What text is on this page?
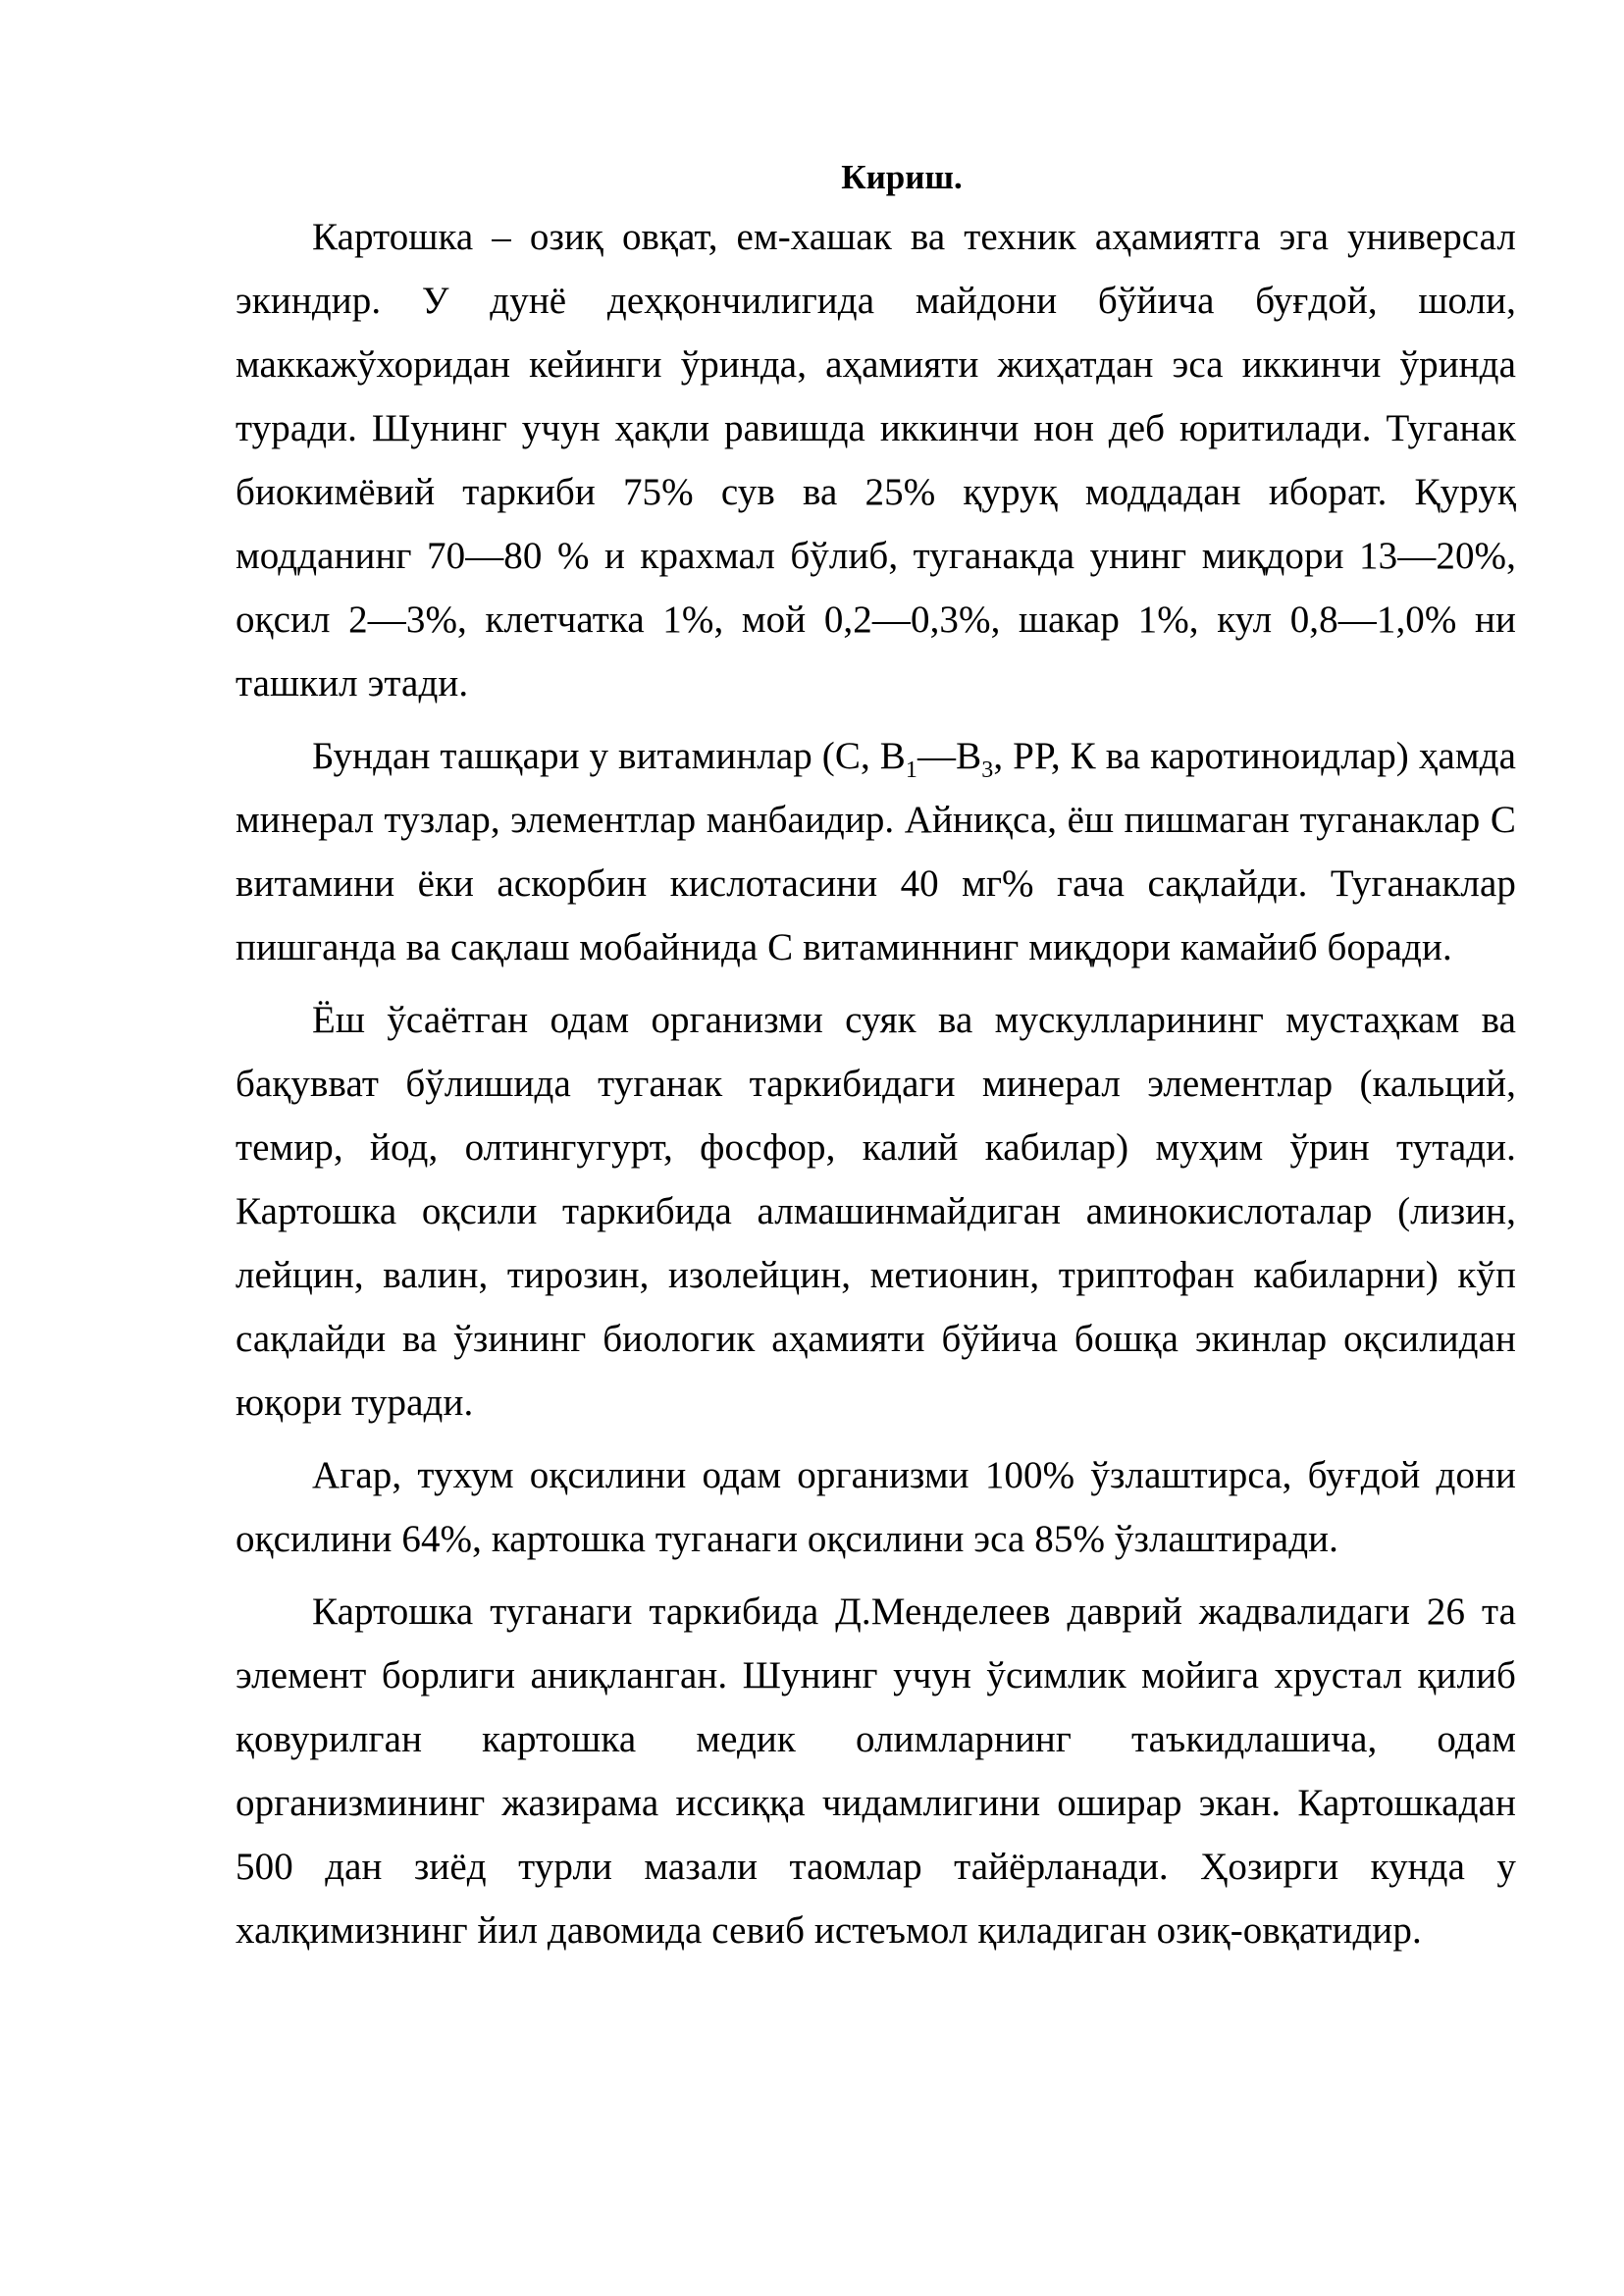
Кириш.

Картошка – озиқ овқат, ем-хашак ва техник аҳамиятга эга универсал экиндир. У дунё деҳқончилигида майдони бўйича буғдой, шоли, маккажўхоридан кейинги ўринда, аҳамияти жиҳатдан эса иккинчи ўринда туради. Шунинг учун ҳақли равишда иккинчи нон деб юритилади. Туганак биокимёвий таркиби 75% сув ва 25% қуруқ моддадан иборат. Қуруқ модданинг 70—80 % и крахмал бўлиб, туганакда унинг миқдори 13—20%, оқсил 2—3%, клетчатка 1%, мой 0,2—0,3%, шакар 1%, кул 0,8—1,0% ни ташкил этади.

Бундан ташқари у витаминлар (С, $В_1—В_3$, РР, К ва каротиноидлар) ҳамда минерал тузлар, элементлар манбаидир. Айниқса, ёш пишмаган туганаклар С витамини ёки аскорбин кислотасини 40 мг% гача сақлайди. Туганаклар пишганда ва сақлаш мобайнида С витаминнинг миқдори камайиб боради.

Ёш ўсаётган одам организми суяк ва мускулларининг мустаҳкам ва бақувват бўлишида туганак таркибидаги минерал элементлар (кальций, темир, йод, олтингугурт, фосфор, калий кабилар) муҳим ўрин тутади. Картошка оқсили таркибида алмашинмайдиган аминокислоталар (лизин, лейцин, валин, тирозин, изолейцин, метионин, триптофан кабиларни) кўп сақлайди ва ўзининг биологик аҳамияти бўйича бошқа экинлар оқсилидан юқори туради.

Агар, тухум оқсилини одам организми 100% ўзлаштирса, буғдой дони оқсилини 64%, картошка туганаги оқсилини эса 85% ўзлаштиради.

Картошка туганаги таркибида Д.Менделеев даврий жадвалидаги 26 та элемент борлиги аниқланган. Шунинг учун ўсимлик мойига хрустал қилиб қовурилган картошка медик олимларнинг таъкидлашича, одам организмининг жазирама иссиққа чидамлигини оширар экан. Картошкадан 500 дан зиёд турли мазали таомлар тайёрланади. Ҳозирги кунда у халқимизнинг йил давомида севиб истеъмол қиладиган озиқ-овқатидир.
